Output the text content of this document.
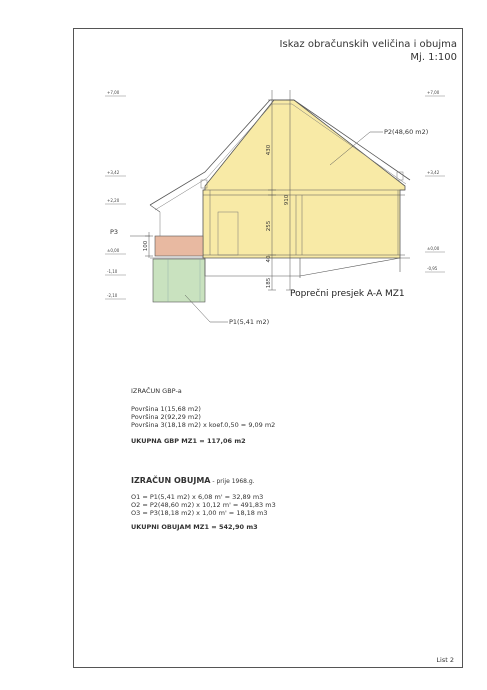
Iskaz obračunskih veličina i obujma
Mj. 1:100
430
910
255
40
185
100
+7,00
+3,42
+2,20
±0,00
-1,10
-2,10
+7,00
+3,42
±0,00
-0,95
P2(48,60 m2)
P3
P1(5,41 m2)
Poprečni presjek A-A MZ1
IZRAČUN GBP-a
Površina 1(15,68 m2)
Površina 2(92,29 m2)
Površina 3(18,18 m2) x koef.0,50 = 9,09 m2
UKUPNA GBP MZ1 = 117,06 m2
IZRAČUN OBUJMA - prije 1968.g.
O1 = P1(5,41 m2) x 6,08 m' = 32,89 m3
O2 = P2(48,60 m2) x 10,12 m' = 491,83 m3
O3 = P3(18,18 m2) x 1,00 m' = 18,18 m3
UKUPNI OBUJAM MZ1 = 542,90 m3
List 2
